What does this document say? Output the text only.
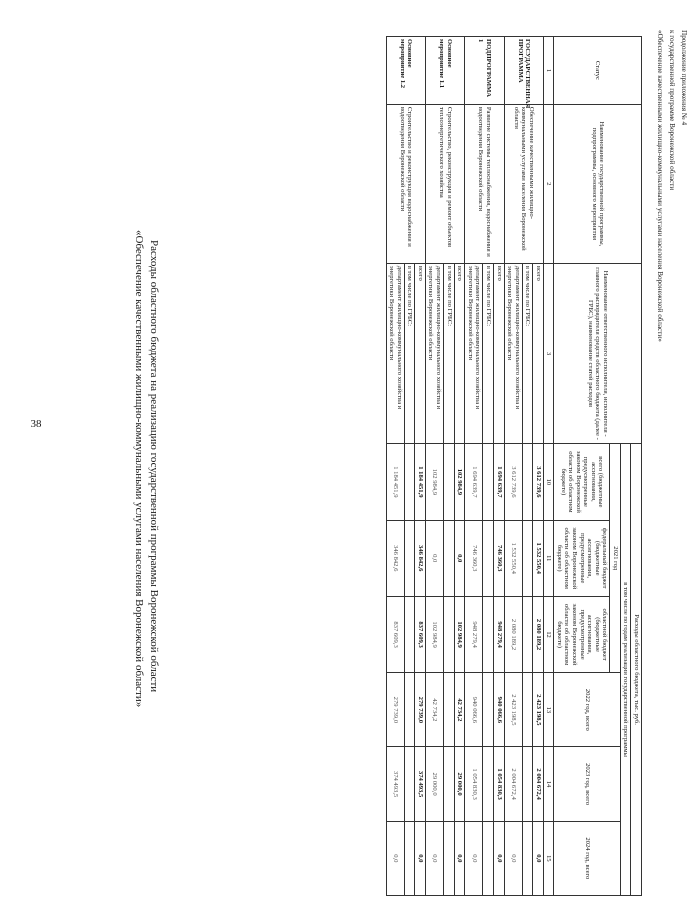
38
Продолжение приложения № 4
к государственной программе Воронежской области
«Обеспечение качественными жилищно-коммунальными услугами населения Воронежской области»
Расходы областного бюджета на реализацию государственной программы Воронежской области
«Обеспечение качественными жилищно-коммунальными услугами населения Воронежской области»
Статус	Наименование государственной программы, подпрограммы, основного мероприятия	Наименование ответственного исполнителя, исполнителя - главного распорядителя средств областного бюджета (далее - ГРБС), наименование статей расходов	Расходы областного бюджета, тыс. руб.					
			в том числе по годам реализации государственной программы					
			2021 год			2022 год, всего	2023 год, всего	2024 год, всего
			всего (бюджетные ассигнования, предусмотренные законом Воронежской области об областном бюджете)	федеральный бюджет (бюджетные ассигнования, предусмотренные законом Воронежской области об областном бюджете)	областной бюджет (бюджетные ассигнования, предусмотренные законом Воронежской области об областном бюджете)			
1	2	3	10	11	12	13	14	15
ГОСУДАРСТВЕННАЯ ПРОГРАММА	Обеспечение качественными жилищно-коммунальными услугами населения Воронежской области	всего	3 612 739,6	1 532 550,4	2 080 189,2	2 423 198,5	2 004 672,4	0,0
		в том числе по ГРБС:						
		департамент жилищно-коммунального хозяйства и энергетики Воронежской области	3 612 739,6	1 532 550,4	2 080 189,2	2 423 198,5	2 004 672,4	0,0
ПОДПРОГРАММА 1	Развитие системы теплоснабжения, водоснабжения и водоотведения Воронежской области	всего	1 694 639,7	746 360,3	948 279,4	940 066,6	1 054 830,3	0,0
		в том числе по ГРБС:						
		департамент жилищно-коммунального хозяйства и энергетики Воронежской области	1 694 639,7	746 360,3	948 279,4	940 066,6	1 054 830,3	0,0
Основное мероприятие 1.1	Строительство, реконструкция и ремонт объектов теплоэнергетического хозяйства	всего	102 984,9	0,0	102 984,9	42 734,2	29 000,0	0,0
		в том числе по ГРБС:						
		департамент жилищно-коммунального хозяйства и энергетики Воронежской области	102 984,9	0,0	102 984,9	42 734,2	29 000,0	0,0
Основное мероприятие 1.2	Строительство и реконструкция водоснабжения и водоотведения Воронежской области	всего	1 184 451,9	346 842,6	837 609,3	279 739,0	374 493,5	0,0
		в том числе по ГРБС:						
		департамент жилищно-коммунального хозяйства и энергетики Воронежской области	1 184 451,9	346 842,6	837 609,3	279 739,0	374 493,5	0,0
